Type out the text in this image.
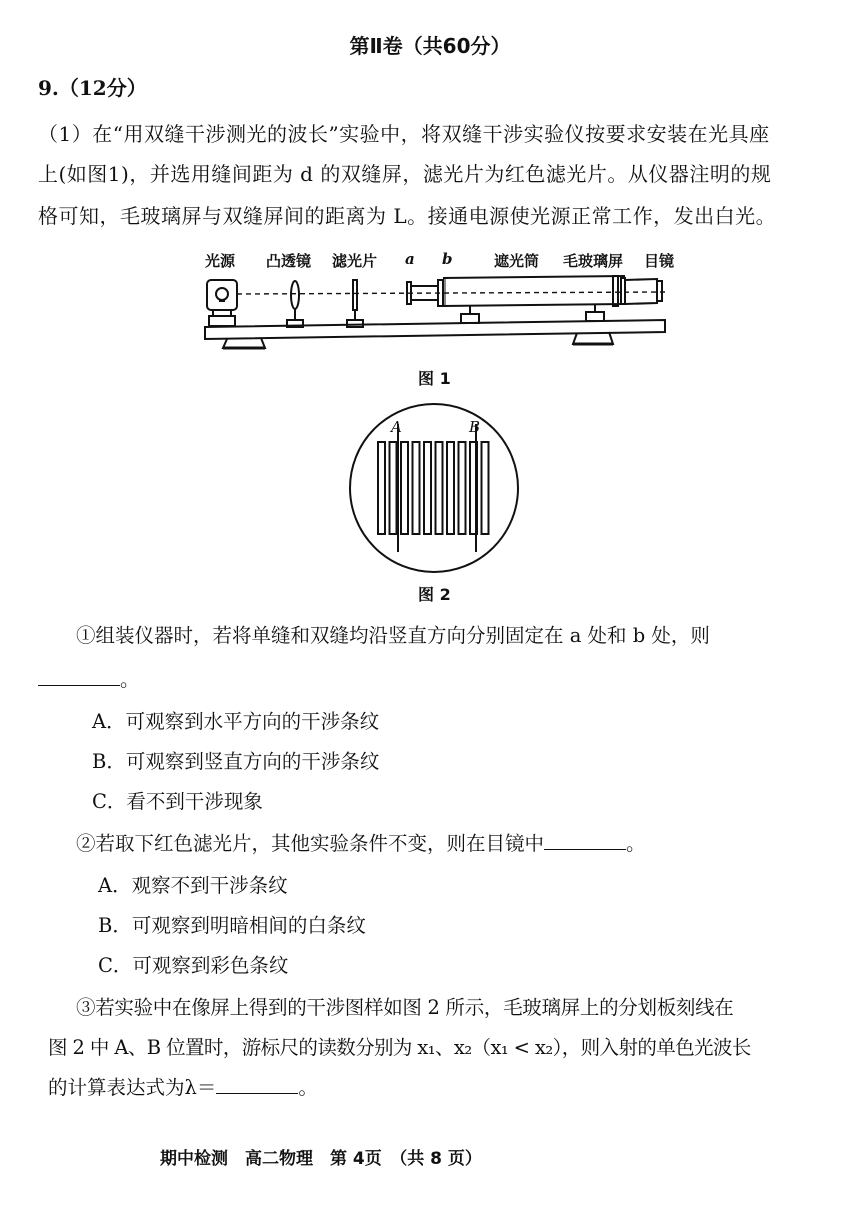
第Ⅱ卷（共60分）
9.（12分）
（1）在“用双缝干涉测光的波长”实验中，将双缝干涉实验仪按要求安装在光具座
上(如图1)，并选用缝间距为 d 的双缝屏，滤光片为红色滤光片。从仪器注明的规
格可知，毛玻璃屏与双缝屏间的距离为 L。接通电源使光源正常工作，发出白光。
光源 凸透镜 滤光片 a b	遮光筒 毛玻璃屏 目镜
图 1
A	B
图 2
①组装仪器时，若将单缝和双缝均沿竖直方向分别固定在 a 处和 b 处，则
。
A．可观察到水平方向的干涉条纹
B．可观察到竖直方向的干涉条纹
C．看不到干涉现象
②若取下红色滤光片，其他实验条件不变，则在目镜中	。
A．观察不到干涉条纹
B．可观察到明暗相间的白条纹
C．可观察到彩色条纹
③若实验中在像屏上得到的干涉图样如图 2 所示，毛玻璃屏上的分划板刻线在
图 2 中 A、B 位置时，游标尺的读数分别为 x₁、x₂（x₁ < x₂），则入射的单色光波长
的计算表达式为λ＝	。
期中检测　高二物理　第 4页　（共 8 页）
